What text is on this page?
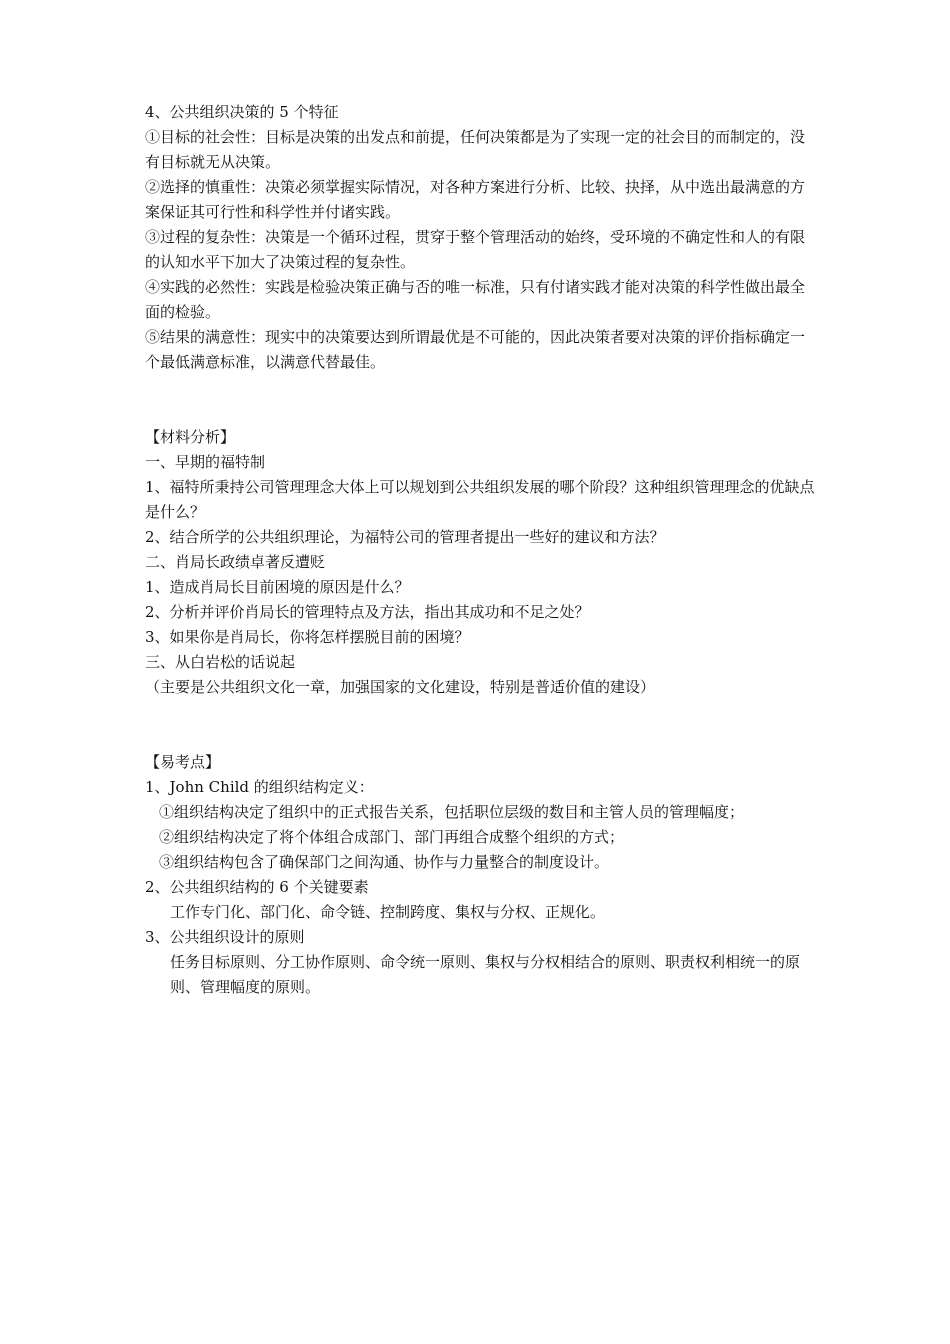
4、公共组织决策的 5 个特征

①目标的社会性：目标是决策的出发点和前提，任何决策都是为了实现一定的社会目的而制定的，没有目标就无从决策。

②选择的慎重性：决策必须掌握实际情况，对各种方案进行分析、比较、抉择，从中选出最满意的方案保证其可行性和科学性并付诸实践。

③过程的复杂性：决策是一个循环过程，贯穿于整个管理活动的始终，受环境的不确定性和人的有限的认知水平下加大了决策过程的复杂性。

④实践的必然性：实践是检验决策正确与否的唯一标准，只有付诸实践才能对决策的科学性做出最全面的检验。

⑤结果的满意性：现实中的决策要达到所谓最优是不可能的，因此决策者要对决策的评价指标确定一个最低满意标准，以满意代替最佳。

【材料分析】

一、早期的福特制

1、福特所秉持公司管理理念大体上可以规划到公共组织发展的哪个阶段？这种组织管理理念的优缺点是什么？

2、结合所学的公共组织理论，为福特公司的管理者提出一些好的建议和方法？

二、肖局长政绩卓著反遭贬

1、造成肖局长目前困境的原因是什么？

2、分析并评价肖局长的管理特点及方法，指出其成功和不足之处？

3、如果你是肖局长，你将怎样摆脱目前的困境？

三、从白岩松的话说起

（主要是公共组织文化一章，加强国家的文化建设，特别是普适价值的建设）

【易考点】

1、John Child 的组织结构定义：

①组织结构决定了组织中的正式报告关系，包括职位层级的数目和主管人员的管理幅度；

②组织结构决定了将个体组合成部门、部门再组合成整个组织的方式；

③组织结构包含了确保部门之间沟通、协作与力量整合的制度设计。

2、公共组织结构的 6 个关键要素

工作专门化、部门化、命令链、控制跨度、集权与分权、正规化。

3、公共组织设计的原则

任务目标原则、分工协作原则、命令统一原则、集权与分权相结合的原则、职责权利相统一的原则、管理幅度的原则。
